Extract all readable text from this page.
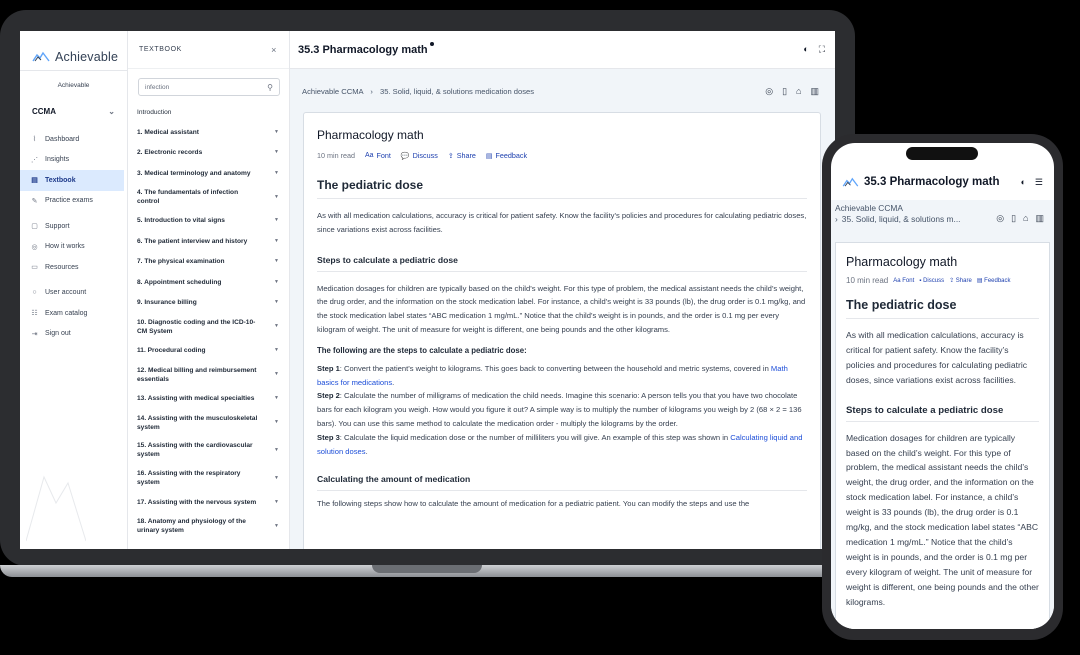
Achievable
Achievable
CCMA	⌄
⌇	Dashboard
⋰ Insights
▤ Textbook
✎ Practice exams
▢ Support
◎ How it works
▭ Resources
○	User account
☷ Exam catalog
⇥ Sign out
TEXTBOOK	×
infection	⚲
Introduction
1. Medical assistant	▼
2. Electronic records	▼
3. Medical terminology and anatomy	▼
4. The fundamentals of infection control
▼
5. Introduction to vital signs	▼
6. The patient interview and history	▼
7. The physical examination	▼
8. Appointment scheduling	▼
9. Insurance billing	▼
10. Diagnostic coding and the ICD-10-CM System
▼
11. Procedural coding	▼
12. Medical billing and reimbursement essentials
▼
13. Assisting with medical specialties	▼
14. Assisting with the musculoskeletal system
▼
15. Assisting with the cardiovascular system
▼
16. Assisting with the respiratory system
▼
17. Assisting with the nervous system	▼
18. Anatomy and physiology of the urinary system
▼
35.3 Pharmacology math	◐ ⛶
Achievable CCMA › 35. Solid, liquid, & solutions medication doses	◎ ▯ ⌂ ▥
Pharmacology math
10 min read Aa Font 💬 Discuss ⇪ Share ▤ Feedback
The pediatric dose

As with all medication calculations, accuracy is critical for patient safety. Know the facility’s policies and procedures for calculating pediatric doses, since variations exist across facilities.

Steps to calculate a pediatric dose

Medication dosages for children are typically based on the child’s weight. For this type of problem, the medical assistant needs the child’s weight, the drug order, and the information on the stock medication label. For instance, a child’s weight is 33 pounds (lb), the drug order is 0.1 mg/kg, and the stock medication label states “ABC medication 1 mg/mL.” Notice that the child’s weight is in pounds, and the order is 0.1 mg per every kilogram of weight. The unit of measure for weight is different, one being pounds and the other kilograms.

The following are the steps to calculate a pediatric dose:

Step 1: Convert the patient’s weight to kilograms. This goes back to converting between the household and metric systems, covered in Math basics for medications.

Step 2: Calculate the number of milligrams of medication the child needs. Imagine this scenario: A person tells you that you have two chocolate bars for each kilogram you weigh. How would you figure it out? A simple way is to multiply the number of kilograms you weigh by 2 (68 × 2 = 136 bars). You can use this same method to calculate the medication order - multiply the kilograms by the order.

Step 3: Calculate the liquid medication dose or the number of milliliters you will give. An example of this step was shown in Calculating liquid and solution doses.

Calculating the amount of medication

The following steps show how to calculate the amount of medication for a pediatric patient. You can modify the steps and use the

35.3 Pharmacology math ◐ ☰
Achievable CCMA
› 35. Solid, liquid, & solutions m...	◎ ▯ ⌂ ▥
Pharmacology math
10 min read Aa Font ▪ Discuss ⇪ Share ▤ Feedback
The pediatric dose

As with all medication calculations, accuracy is critical for patient safety. Know the facility’s policies and procedures for calculating pediatric doses, since variations exist across facilities.

Steps to calculate a pediatric dose

Medication dosages for children are typically based on the child’s weight. For this type of problem, the medical assistant needs the child’s weight, the drug order, and the information on the stock medication label. For instance, a child’s weight is 33 pounds (lb), the drug order is 0.1 mg/kg, and the stock medication label states “ABC medication 1 mg/mL.” Notice that the child’s weight is in pounds, and the order is 0.1 mg per every kilogram of weight. The unit of measure for weight is different, one being pounds and the other kilograms.
